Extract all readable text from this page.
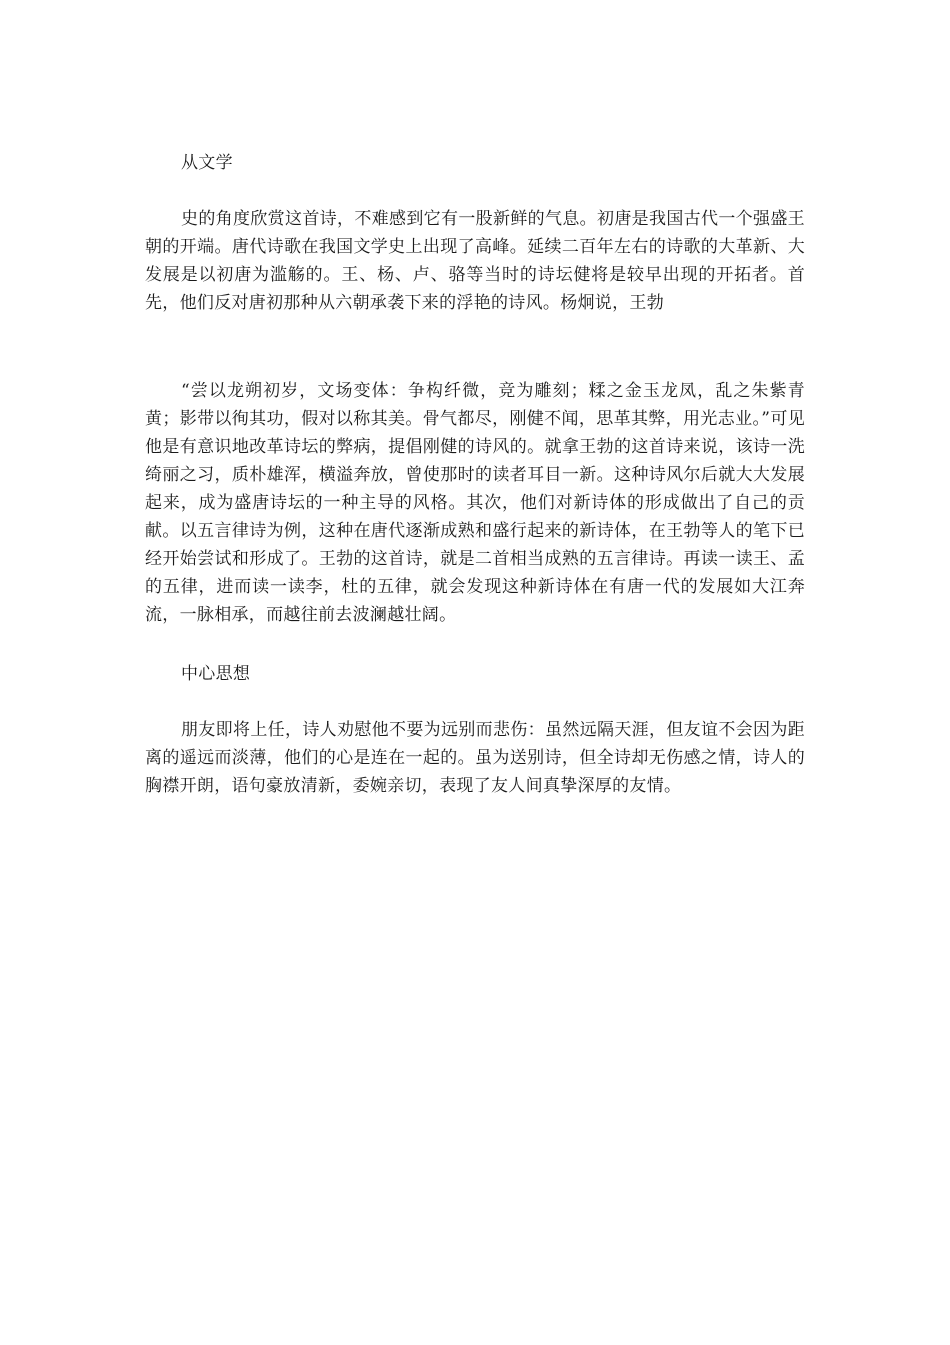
从文学
史的角度欣赏这首诗，不难感到它有一股新鲜的气息。初唐是我国古代一个强盛王朝的开端。唐代诗歌在我国文学史上出现了高峰。延续二百年左右的诗歌的大革新、大发展是以初唐为滥觞的。王、杨、卢、骆等当时的诗坛健将是较早出现的开拓者。首先，他们反对唐初那种从六朝承袭下来的浮艳的诗风。杨炯说，王勃
“尝以龙朔初岁，文场变体：争构纤微，竞为雕刻；糅之金玉龙凤，乱之朱紫青黄；影带以徇其功，假对以称其美。骨气都尽，刚健不闻，思革其弊，用光志业。”可见他是有意识地改革诗坛的弊病，提倡刚健的诗风的。就拿王勃的这首诗来说，该诗一洗绮丽之习，质朴雄浑，横溢奔放，曾使那时的读者耳目一新。这种诗风尔后就大大发展起来，成为盛唐诗坛的一种主导的风格。其次，他们对新诗体的形成做出了自己的贡献。以五言律诗为例，这种在唐代逐渐成熟和盛行起来的新诗体，在王勃等人的笔下已经开始尝试和形成了。王勃的这首诗，就是二首相当成熟的五言律诗。再读一读王、孟的五律，进而读一读李，杜的五律，就会发现这种新诗体在有唐一代的发展如大江奔流，一脉相承，而越往前去波澜越壮阔。
中心思想
朋友即将上任，诗人劝慰他不要为远别而悲伤：虽然远隔天涯，但友谊不会因为距离的遥远而淡薄，他们的心是连在一起的。虽为送别诗，但全诗却无伤感之情，诗人的胸襟开朗，语句豪放清新，委婉亲切，表现了友人间真挚深厚的友情。
